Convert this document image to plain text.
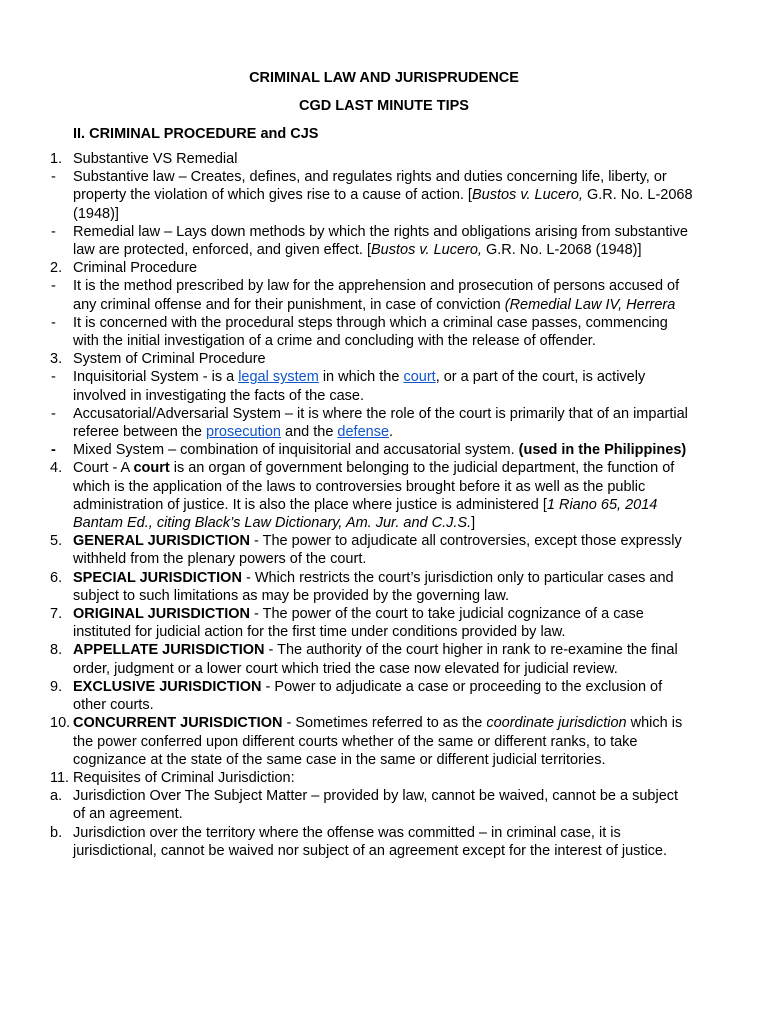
CRIMINAL LAW AND JURISPRUDENCE
CGD LAST MINUTE TIPS
II. CRIMINAL PROCEDURE and CJS
1. Substantive VS Remedial
- Substantive law – Creates, defines, and regulates rights and duties concerning life, liberty, or property the violation of which gives rise to a cause of action. [Bustos v. Lucero, G.R. No. L-2068 (1948)]
- Remedial law – Lays down methods by which the rights and obligations arising from substantive law are protected, enforced, and given effect. [Bustos v. Lucero, G.R. No. L-2068 (1948)]
2. Criminal Procedure
- It is the method prescribed by law for the apprehension and prosecution of persons accused of any criminal offense and for their punishment, in case of conviction (Remedial Law IV, Herrera
- It is concerned with the procedural steps through which a criminal case passes, commencing with the initial investigation of a crime and concluding with the release of offender.
3. System of Criminal Procedure
- Inquisitorial System - is a legal system in which the court, or a part of the court, is actively involved in investigating the facts of the case.
- Accusatorial/Adversarial System – it is where the role of the court is primarily that of an impartial referee between the prosecution and the defense.
- Mixed System – combination of inquisitorial and accusatorial system. (used in the Philippines)
4. Court - A court is an organ of government belonging to the judicial department, the function of which is the application of the laws to controversies brought before it as well as the public administration of justice. It is also the place where justice is administered [1 Riano 65, 2014 Bantam Ed., citing Black’s Law Dictionary, Am. Jur. and C.J.S.]
5. GENERAL JURISDICTION - The power to adjudicate all controversies, except those expressly withheld from the plenary powers of the court.
6. SPECIAL JURISDICTION - Which restricts the court’s jurisdiction only to particular cases and subject to such limitations as may be provided by the governing law.
7. ORIGINAL JURISDICTION - The power of the court to take judicial cognizance of a case instituted for judicial action for the first time under conditions provided by law.
8. APPELLATE JURISDICTION - The authority of the court higher in rank to re-examine the final order, judgment or a lower court which tried the case now elevated for judicial review.
9. EXCLUSIVE JURISDICTION - Power to adjudicate a case or proceeding to the exclusion of other courts.
10. CONCURRENT JURISDICTION - Sometimes referred to as the coordinate jurisdiction which is the power conferred upon different courts whether of the same or different ranks, to take cognizance at the state of the same case in the same or different judicial territories.
11. Requisites of Criminal Jurisdiction:
a. Jurisdiction Over The Subject Matter – provided by law, cannot be waived, cannot be a subject of an agreement.
b. Jurisdiction over the territory where the offense was committed – in criminal case, it is jurisdictional, cannot be waived nor subject of an agreement except for the interest of justice.
